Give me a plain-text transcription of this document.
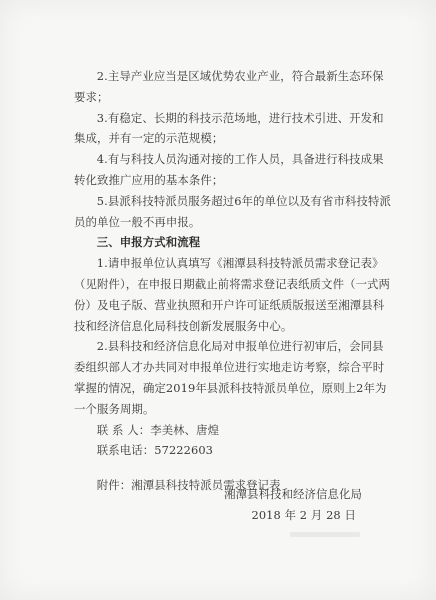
2.主导产业应当是区域优势农业产业，符合最新生态环保要求；

3.有稳定、长期的科技示范场地，进行技术引进、开发和集成，并有一定的示范规模；

4.有与科技人员沟通对接的工作人员，具备进行科技成果转化致推广应用的基本条件；

5.县派科技特派员服务超过6年的单位以及有省市科技特派员的单位一般不再申报。

三、申报方式和流程

1.请申报单位认真填写《湘潭县科技特派员需求登记表》（见附件），在申报日期截止前将需求登记表纸质文件（一式两份）及电子版、营业执照和开户许可证纸质版报送至湘潭县科技和经济信息化局科技创新发展服务中心。

2.县科技和经济信息化局对申报单位进行初审后，会同县委组织部人才办共同对申报单位进行实地走访考察，综合平时掌握的情况，确定2019年县派科技特派员单位，原则上2年为一个服务周期。

联 系 人：李美林、唐煌

联系电话：57222603

附件：湘潭县科技特派员需求登记表

湘潭县科技和经济信息化局
2018 年 2 月 28 日
